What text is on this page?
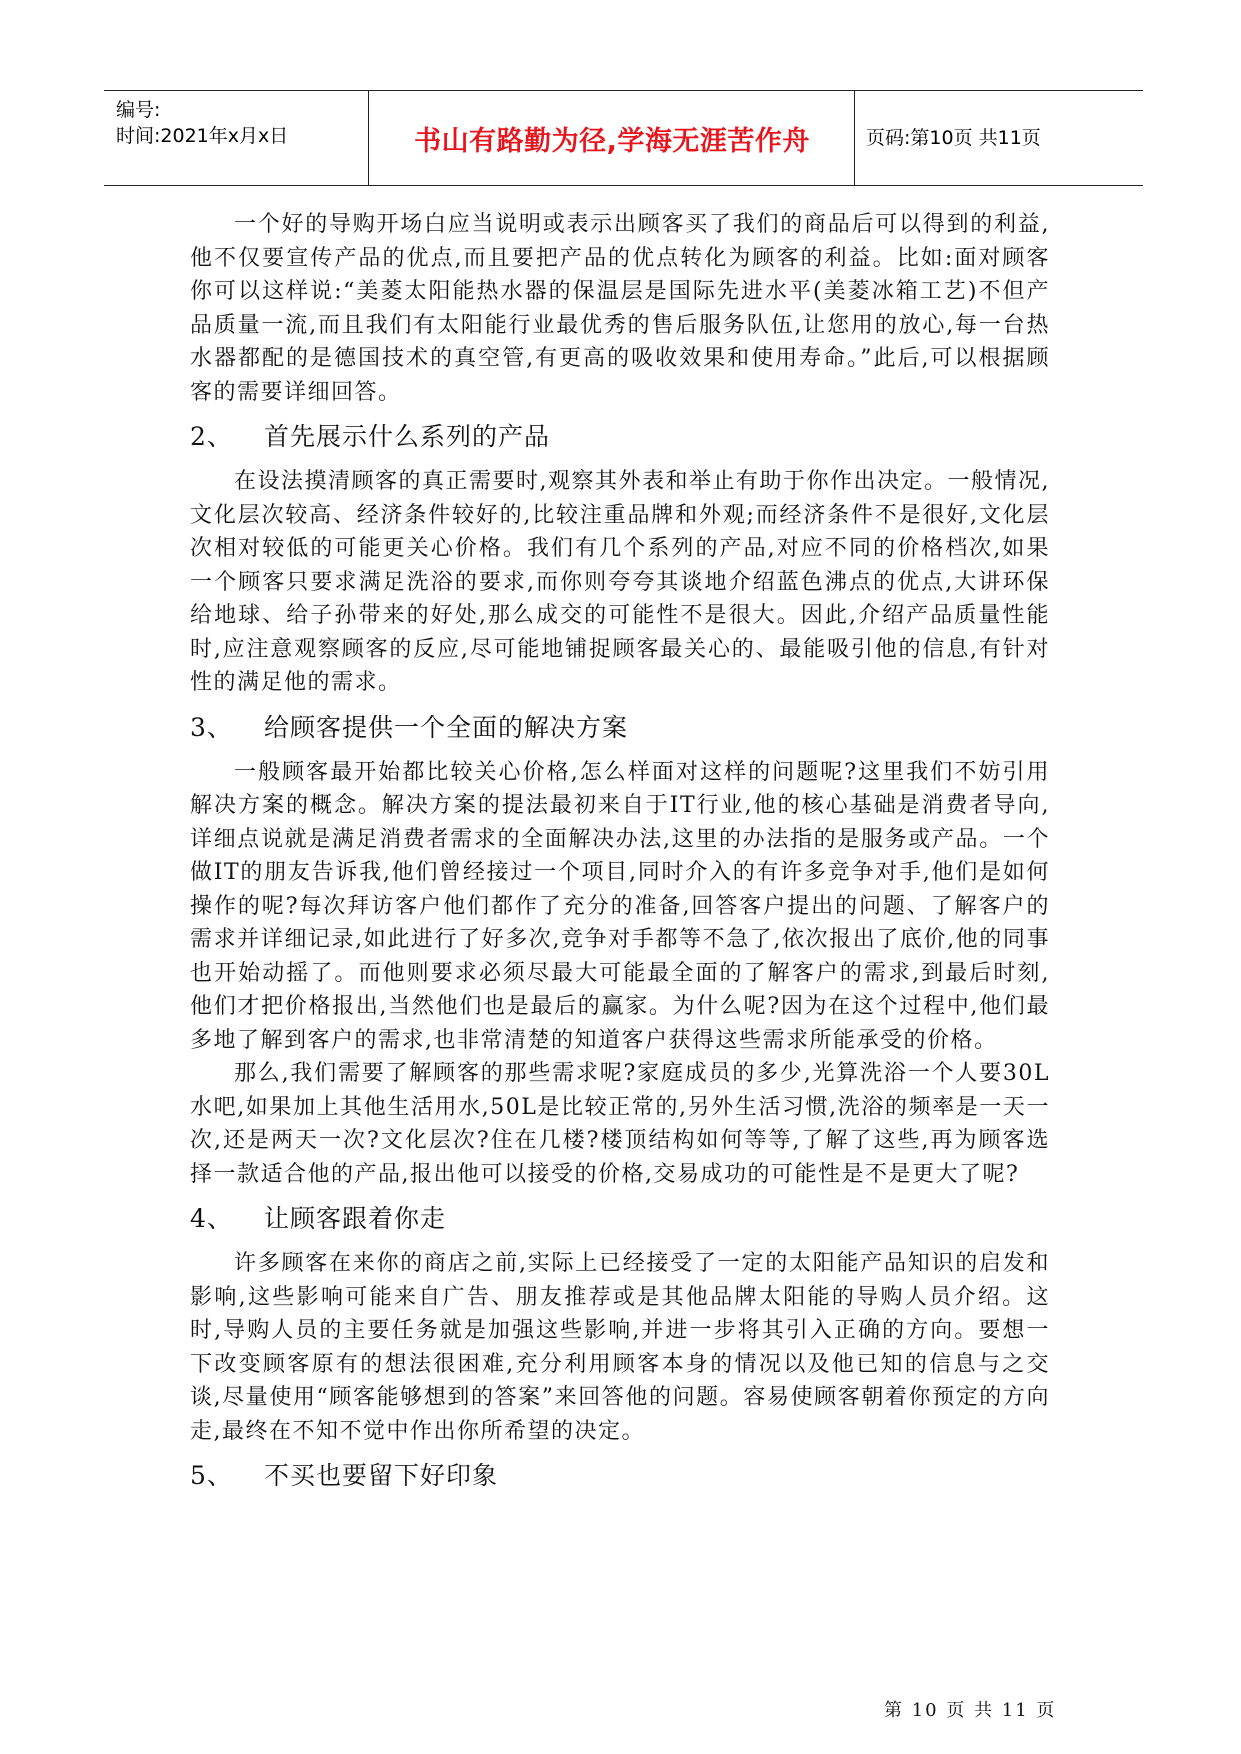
编号:
时间:2021年x月x日	书山有路勤为径,学海无涯苦作舟	页码:第10页 共11页

一个好的导购开场白应当说明或表示出顾客买了我们的商品后可以得到的利益,他不仅要宣传产品的优点,而且要把产品的优点转化为顾客的利益。比如:面对顾客你可以这样说:“美菱太阳能热水器的保温层是国际先进水平(美菱冰箱工艺)不但产品质量一流,而且我们有太阳能行业最优秀的售后服务队伍,让您用的放心,每一台热水器都配的是德国技术的真空管,有更高的吸收效果和使用寿命。”此后,可以根据顾客的需要详细回答。

2、	首先展示什么系列的产品

在设法摸清顾客的真正需要时,观察其外表和举止有助于你作出决定。一般情况,文化层次较高、经济条件较好的,比较注重品牌和外观;而经济条件不是很好,文化层次相对较低的可能更关心价格。我们有几个系列的产品,对应不同的价格档次,如果一个顾客只要求满足洗浴的要求,而你则夸夸其谈地介绍蓝色沸点的优点,大讲环保给地球、给子孙带来的好处,那么成交的可能性不是很大。因此,介绍产品质量性能时,应注意观察顾客的反应,尽可能地铺捉顾客最关心的、最能吸引他的信息,有针对性的满足他的需求。

3、	给顾客提供一个全面的解决方案

一般顾客最开始都比较关心价格,怎么样面对这样的问题呢?这里我们不妨引用解决方案的概念。解决方案的提法最初来自于IT行业,他的核心基础是消费者导向,详细点说就是满足消费者需求的全面解决办法,这里的办法指的是服务或产品。一个做IT的朋友告诉我,他们曾经接过一个项目,同时介入的有许多竞争对手,他们是如何操作的呢?每次拜访客户他们都作了充分的准备,回答客户提出的问题、了解客户的需求并详细记录,如此进行了好多次,竞争对手都等不急了,依次报出了底价,他的同事也开始动摇了。而他则要求必须尽最大可能最全面的了解客户的需求,到最后时刻,他们才把价格报出,当然他们也是最后的赢家。为什么呢?因为在这个过程中,他们最多地了解到客户的需求,也非常清楚的知道客户获得这些需求所能承受的价格。

那么,我们需要了解顾客的那些需求呢?家庭成员的多少,光算洗浴一个人要30L水吧,如果加上其他生活用水,50L是比较正常的,另外生活习惯,洗浴的频率是一天一次,还是两天一次?文化层次?住在几楼?楼顶结构如何等等,了解了这些,再为顾客选择一款适合他的产品,报出他可以接受的价格,交易成功的可能性是不是更大了呢?

4、	让顾客跟着你走

许多顾客在来你的商店之前,实际上已经接受了一定的太阳能产品知识的启发和影响,这些影响可能来自广告、朋友推荐或是其他品牌太阳能的导购人员介绍。这时,导购人员的主要任务就是加强这些影响,并进一步将其引入正确的方向。要想一下改变顾客原有的想法很困难,充分利用顾客本身的情况以及他已知的信息与之交谈,尽量使用“顾客能够想到的答案”来回答他的问题。容易使顾客朝着你预定的方向走,最终在不知不觉中作出你所希望的决定。

5、	不买也要留下好印象
第 10 页 共 11 页
